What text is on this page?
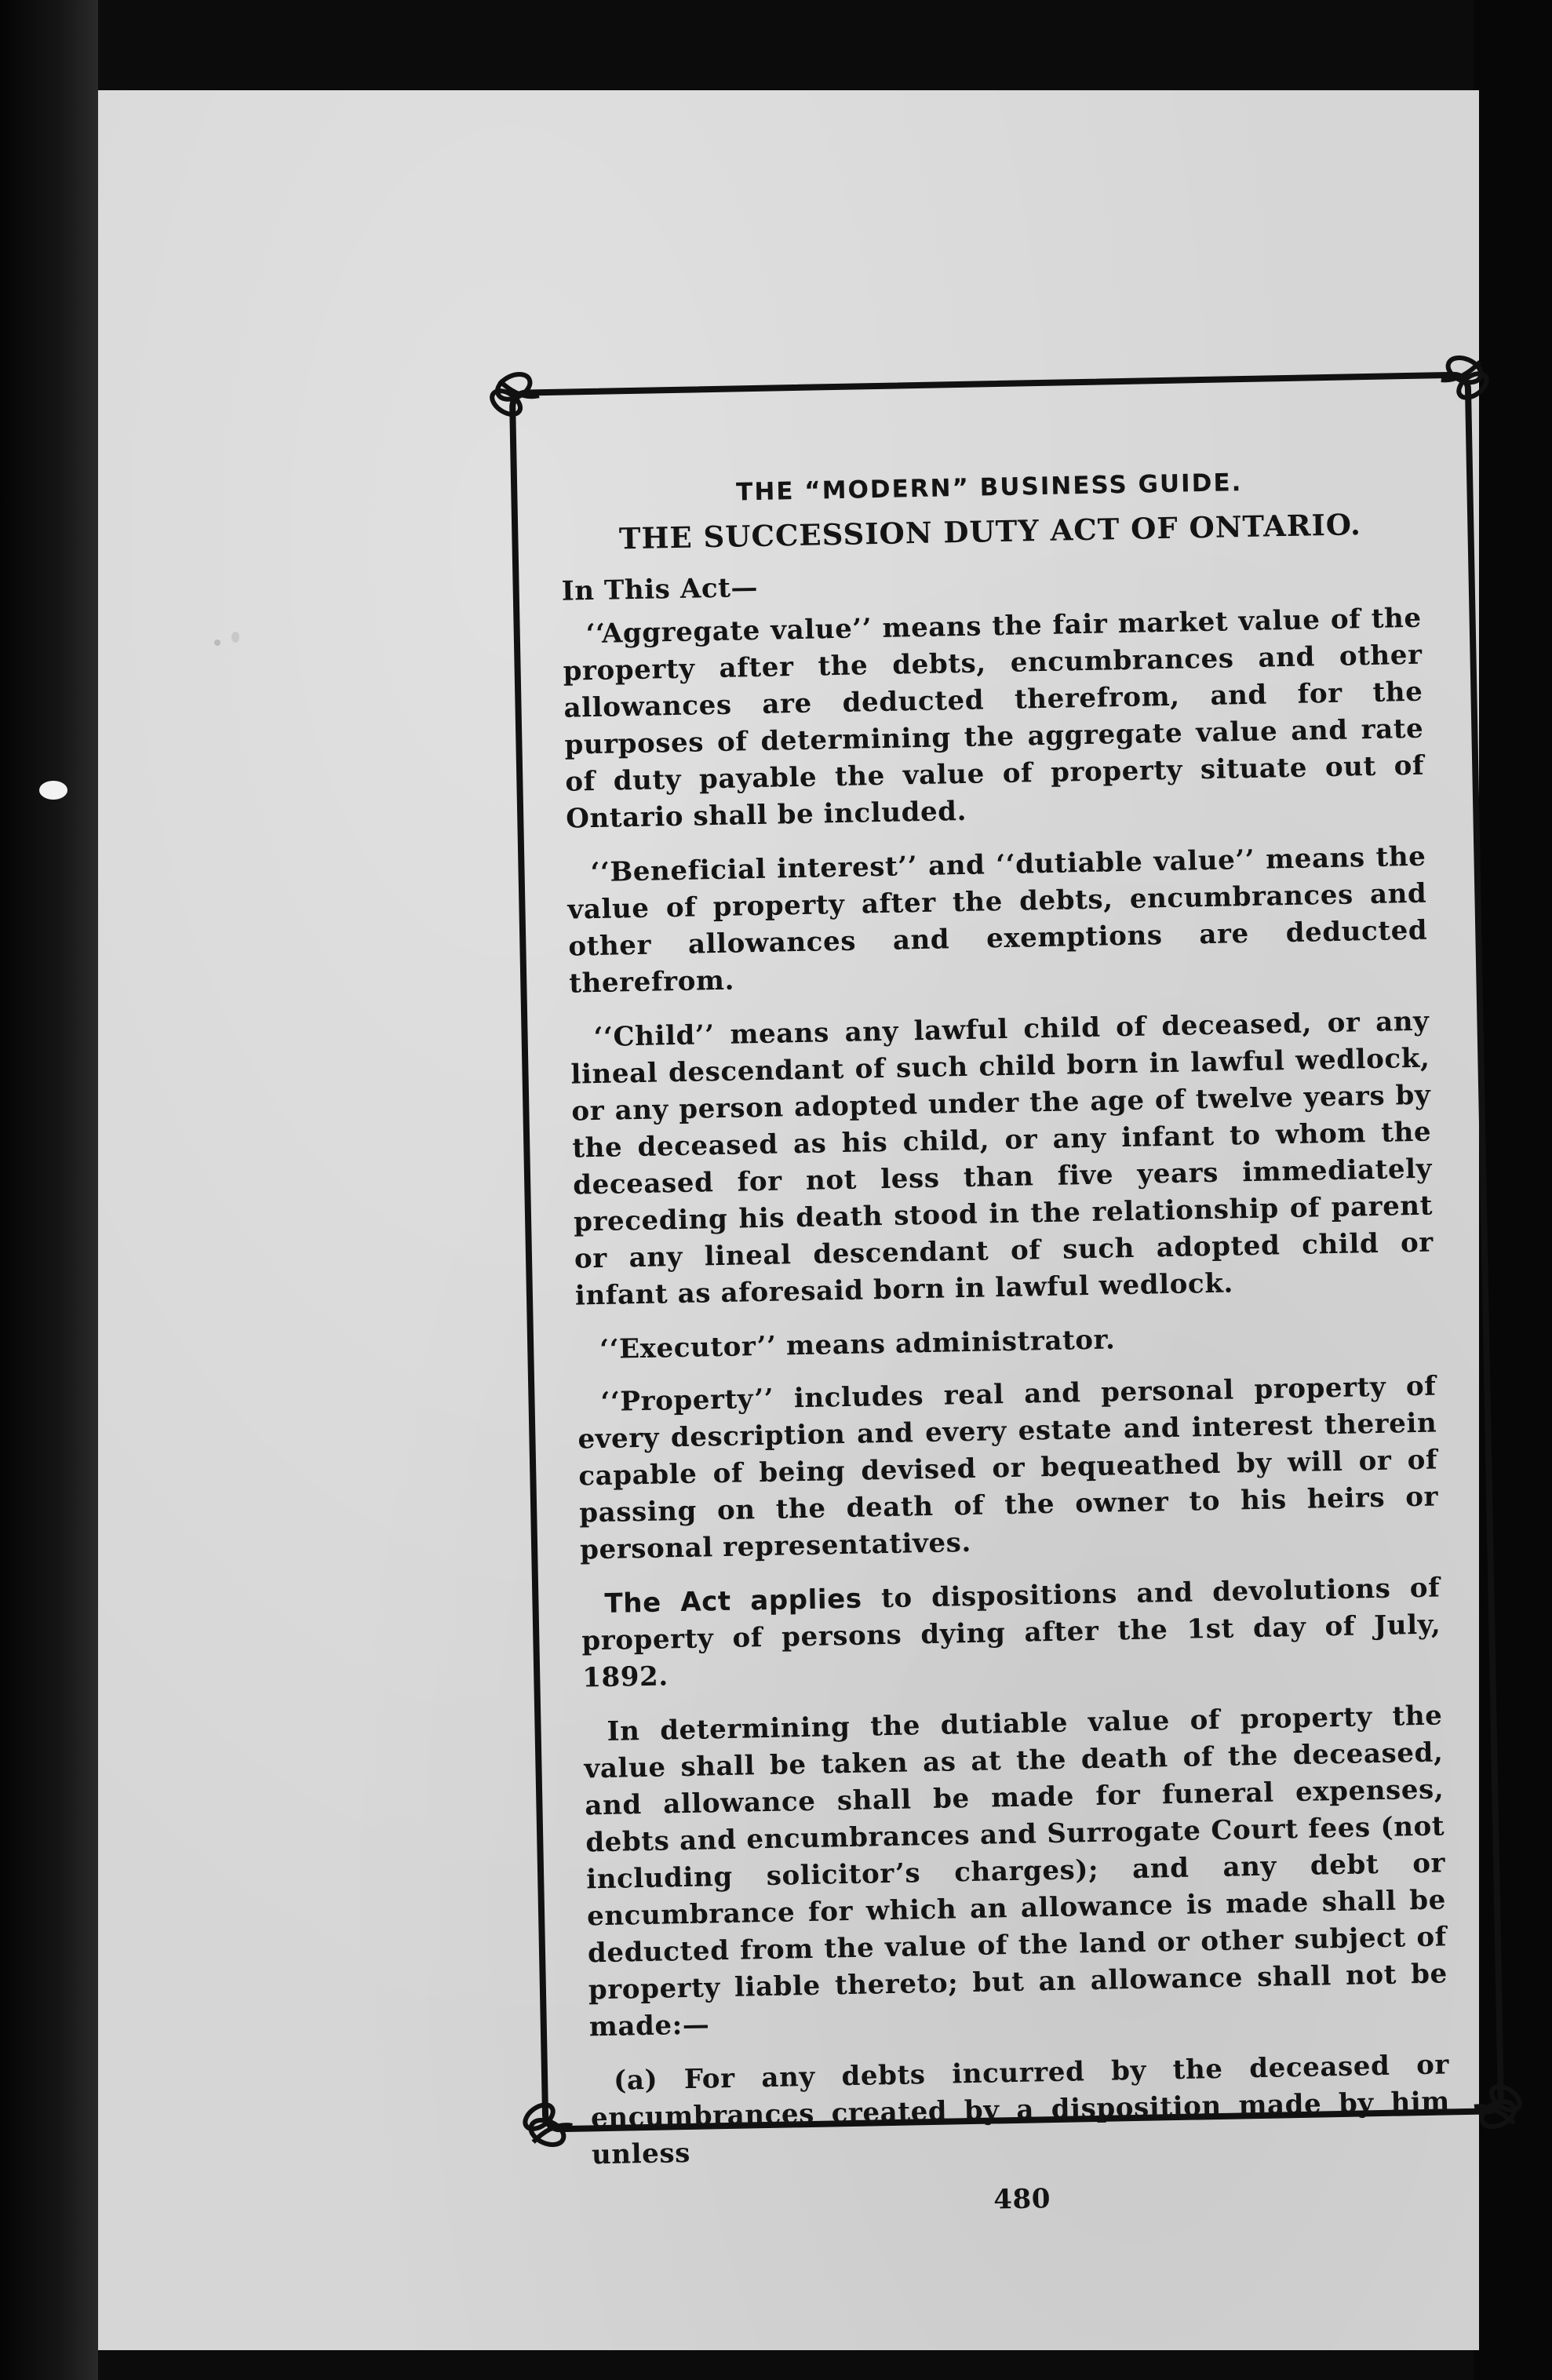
THE “MODERN” BUSINESS GUIDE.
THE SUCCESSION DUTY ACT OF ONTARIO.
In This Act—

‘‘Aggregate value’’ means the fair market value of the property after the debts, encumbrances and other allowances are deducted therefrom, and for the purposes of determining the aggregate value and rate of duty payable the value of property situate out of Ontario shall be included.

‘‘Beneficial interest’’ and ‘‘dutiable value’’ means the value of property after the debts, encumbrances and other allowances and exemptions are deducted therefrom.

‘‘Child’’ means any lawful child of deceased, or any lineal descendant of such child born in lawful wedlock, or any person adopted under the age of twelve years by the deceased as his child, or any infant to whom the deceased for not less than five years immediately preceding his death stood in the relationship of parent or any lineal descendant of such adopted child or infant as aforesaid born in lawful wedlock.

‘‘Executor’’ means administrator.

‘‘Property’’ includes real and personal property of every description and every estate and interest therein capable of being devised or bequeathed by will or of passing on the death of the owner to his heirs or personal representatives.

The Act applies to dispositions and devolutions of property of persons dying after the 1st day of July, 1892.

In determining the dutiable value of property the value shall be taken as at the death of the deceased, and allowance shall be made for funeral expenses, debts and encumbrances and Surrogate Court fees (not including solicitor’s charges); and any debt or encumbrance for which an allowance is made shall be deducted from the value of the land or other subject of property liable thereto; but an allowance shall not be made:—

(a) For any debts incurred by the deceased or encumbrances created by a disposition made by him unless

480
